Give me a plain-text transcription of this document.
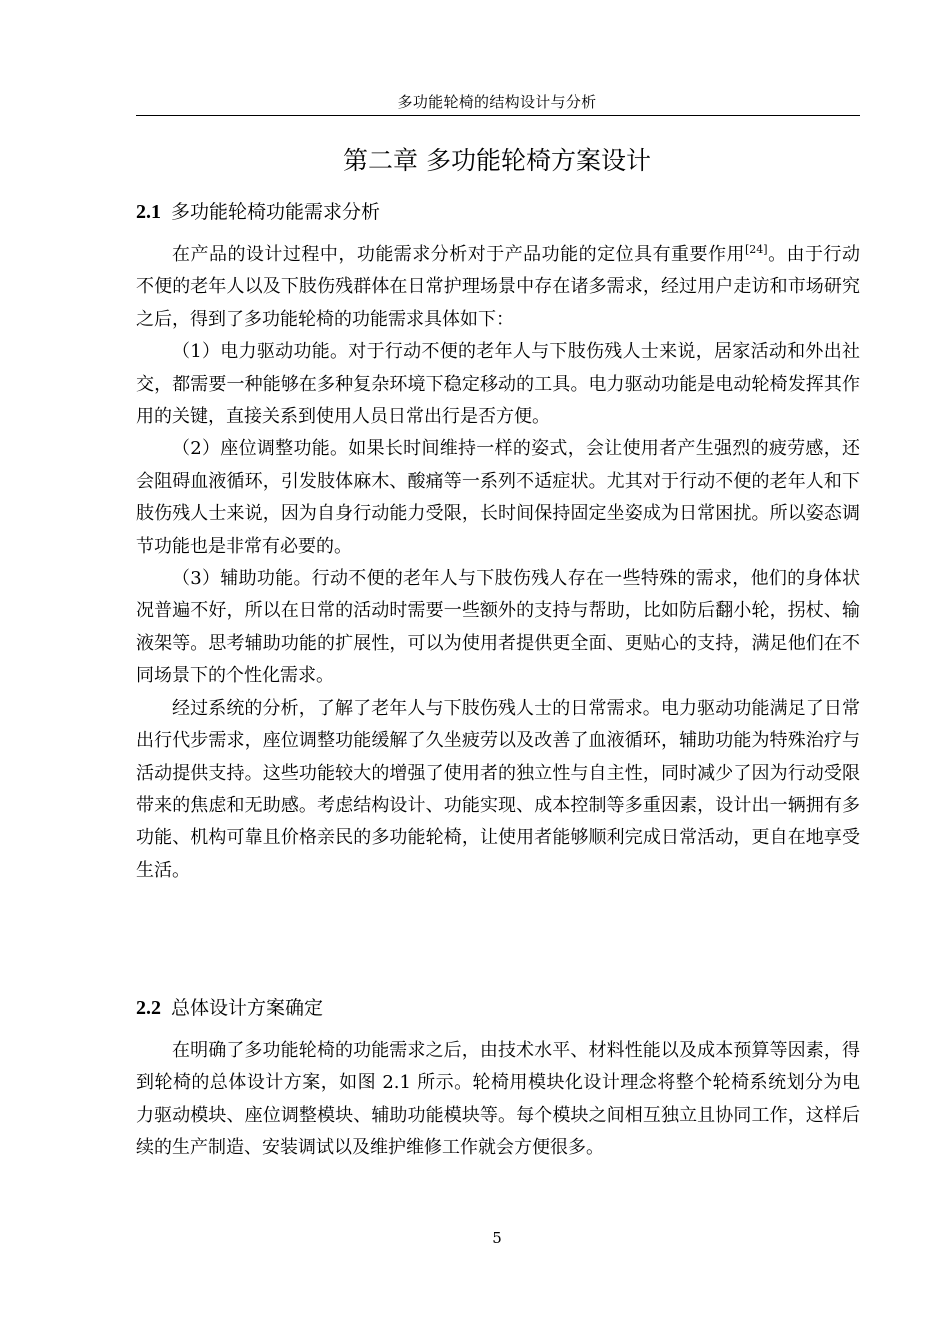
多功能轮椅的结构设计与分析
第二章 多功能轮椅方案设计
2.1 多功能轮椅功能需求分析

在产品的设计过程中，功能需求分析对于产品功能的定位具有重要作用[24]。由于行动不便的老年人以及下肢伤残群体在日常护理场景中存在诸多需求，经过用户走访和市场研究之后，得到了多功能轮椅的功能需求具体如下：

（1）电力驱动功能。对于行动不便的老年人与下肢伤残人士来说，居家活动和外出社交，都需要一种能够在多种复杂环境下稳定移动的工具。电力驱动功能是电动轮椅发挥其作用的关键，直接关系到使用人员日常出行是否方便。

（2）座位调整功能。如果长时间维持一样的姿式，会让使用者产生强烈的疲劳感，还会阻碍血液循环，引发肢体麻木、酸痛等一系列不适症状。尤其对于行动不便的老年人和下肢伤残人士来说，因为自身行动能力受限，长时间保持固定坐姿成为日常困扰。所以姿态调节功能也是非常有必要的。

（3）辅助功能。行动不便的老年人与下肢伤残人存在一些特殊的需求，他们的身体状况普遍不好，所以在日常的活动时需要一些额外的支持与帮助，比如防后翻小轮，拐杖、输液架等。思考辅助功能的扩展性，可以为使用者提供更全面、更贴心的支持，满足他们在不同场景下的个性化需求。

经过系统的分析，了解了老年人与下肢伤残人士的日常需求。电力驱动功能满足了日常出行代步需求，座位调整功能缓解了久坐疲劳以及改善了血液循环，辅助功能为特殊治疗与活动提供支持。这些功能较大的增强了使用者的独立性与自主性，同时减少了因为行动受限带来的焦虑和无助感。考虑结构设计、功能实现、成本控制等多重因素，设计出一辆拥有多功能、机构可靠且价格亲民的多功能轮椅，让使用者能够顺利完成日常活动，更自在地享受生活。

2.2 总体设计方案确定

在明确了多功能轮椅的功能需求之后，由技术水平、材料性能以及成本预算等因素，得到轮椅的总体设计方案，如图 2.1 所示。轮椅用模块化设计理念将整个轮椅系统划分为电力驱动模块、座位调整模块、辅助功能模块等。每个模块之间相互独立且协同工作，这样后续的生产制造、安装调试以及维护维修工作就会方便很多。

5
